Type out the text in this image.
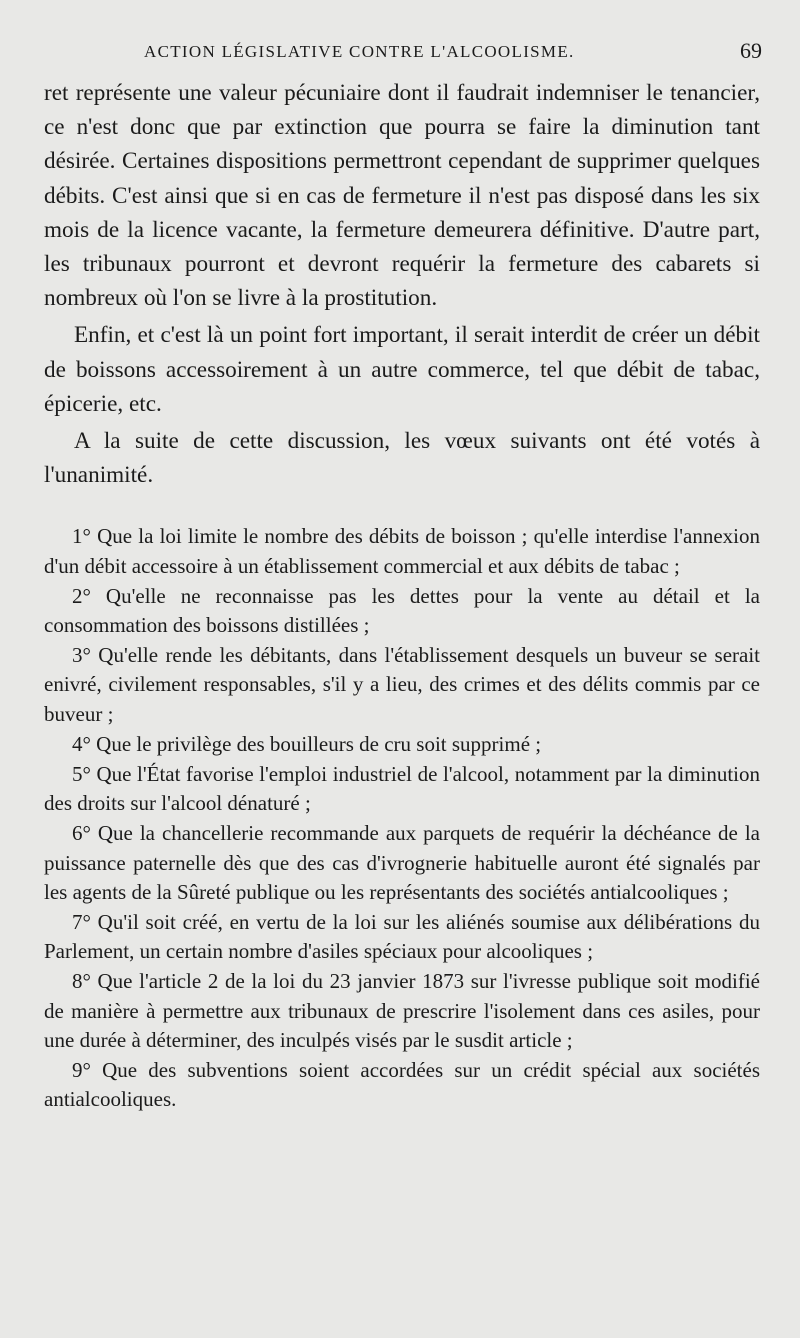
ACTION LÉGISLATIVE CONTRE L'ALCOOLISME.	69

ret représente une valeur pécuniaire dont il faudrait indemniser le tenancier, ce n'est donc que par extinction que pourra se faire la diminution tant désirée. Certaines dispositions permettront cependant de supprimer quelques débits. C'est ainsi que si en cas de fermeture il n'est pas disposé dans les six mois de la licence vacante, la fermeture demeurera définitive. D'autre part, les tribunaux pourront et devront requérir la fermeture des cabarets si nombreux où l'on se livre à la prostitution.

Enfin, et c'est là un point fort important, il serait interdit de créer un débit de boissons accessoirement à un autre commerce, tel que débit de tabac, épicerie, etc.

A la suite de cette discussion, les vœux suivants ont été votés à l'unanimité.

1° Que la loi limite le nombre des débits de boisson ; qu'elle interdise l'annexion d'un débit accessoire à un établissement commercial et aux débits de tabac ;

2° Qu'elle ne reconnaisse pas les dettes pour la vente au détail et la consommation des boissons distillées ;

3° Qu'elle rende les débitants, dans l'établissement desquels un buveur se serait enivré, civilement responsables, s'il y a lieu, des crimes et des délits commis par ce buveur ;

4° Que le privilège des bouilleurs de cru soit supprimé ;

5° Que l'État favorise l'emploi industriel de l'alcool, notamment par la diminution des droits sur l'alcool dénaturé ;

6° Que la chancellerie recommande aux parquets de requérir la déchéance de la puissance paternelle dès que des cas d'ivrognerie habituelle auront été signalés par les agents de la Sûreté publique ou les représentants des sociétés antialcooliques ;

7° Qu'il soit créé, en vertu de la loi sur les aliénés soumise aux délibérations du Parlement, un certain nombre d'asiles spéciaux pour alcooliques ;

8° Que l'article 2 de la loi du 23 janvier 1873 sur l'ivresse publique soit modifié de manière à permettre aux tribunaux de prescrire l'isolement dans ces asiles, pour une durée à déterminer, des inculpés visés par le susdit article ;

9° Que des subventions soient accordées sur un crédit spécial aux sociétés antialcooliques.
